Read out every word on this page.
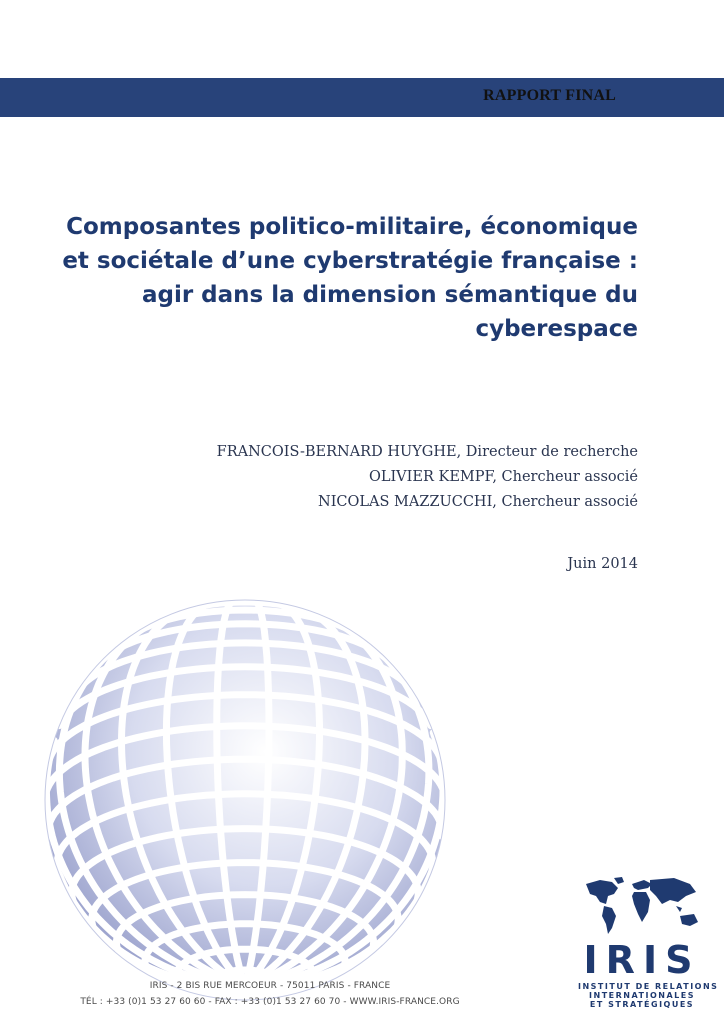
RAPPORT FINAL
Composantes politico-militaire, économique
et sociétale d’une cyberstratégie française :
agir dans la dimension sémantique du
cyberespace
FRANCOIS-BERNARD HUYGHE, Directeur de recherche
OLIVIER KEMPF, Chercheur associé
NICOLAS MAZZUCCHI, Chercheur associé
Juin 2014
IRIS - 2 BIS RUE MERCOEUR - 75011 PARIS - FRANCE
TÉL : +33 (0)1 53 27 60 60 - FAX : +33 (0)1 53 27 60 70 - WWW.IRIS-FRANCE.ORG
IRIS
INSTITUT DE RELATIONS
INTERNATIONALES
ET STRATÉGIQUES
